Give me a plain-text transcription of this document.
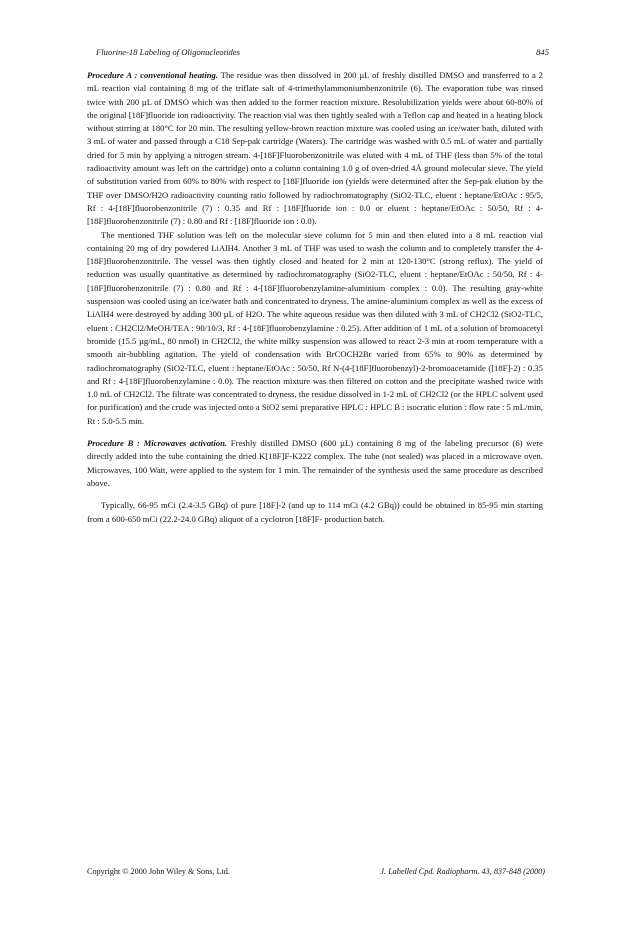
Fluorine-18 Labeling of Oligonucleotides	845

Procedure A : conventional heating. The residue was then dissolved in 200 µL of freshly distilled DMSO and transferred to a 2 mL reaction vial containing 8 mg of the triflate salt of 4-trimethylammoniumbenzonitrile (6). The evaporation tube was rinsed twice with 200 µL of DMSO which was then added to the former reaction mixture. Resolubilization yields were about 60-80% of the original [18F]fluoride ion radioactivity. The reaction vial was then tightly sealed with a Teflon cap and heated in a heating block without stirring at 180°C for 20 min. The resulting yellow-brown reaction mixture was cooled using an ice/water bath, diluted with 3 mL of water and passed through a C18 Sep-pak cartridge (Waters). The cartridge was washed with 0.5 mL of water and partially dried for 5 min by applying a nitrogen stream. 4-[18F]Fluorobenzonitrile was eluted with 4 mL of THF (less than 5% of the total radioactivity amount was left on the cartridge) onto a column containing 1.0 g of oven-dried 4Å ground molecular sieve. The yield of substitution varied from 60% to 80% with respect to [18F]fluoride ion (yields were determined after the Sep-pak elution by the THF over DMSO/H2O radioactivity counting ratio followed by radiochromatography (SiO2-TLC, eluent : heptane/EtOAc : 95/5, Rf : 4-[18F]fluorobenzonitrile (7) : 0.35 and Rf : [18F]fluoride ion : 0.0 or eluent : heptane/EtOAc : 50/50, Rf : 4-[18F]fluorobenzonitrile (7) : 0.80 and Rf : [18F]fluoride ion : 0.0).

The mentioned THF solution was left on the molecular sieve column for 5 min and then eluted into a 8 mL reaction vial containing 20 mg of dry powdered LiAlH4. Another 3 mL of THF was used to wash the column and to completely transfer the 4-[18F]fluorobenzonitrile. The vessel was then tightly closed and heated for 2 min at 120-130°C (strong reflux). The yield of reduction was usually quantitative as determined by radiochromatography (SiO2-TLC, eluent : heptane/EtOAc : 50/50, Rf : 4-[18F]fluorobenzonitrile (7) : 0.80 and Rf : 4-[18F]fluorobenzylamine-aluminium complex : 0.0). The resulting gray-white suspension was cooled using an ice/water bath and concentrated to dryness. The amine-aluminium complex as well as the excess of LiAlH4 were destroyed by adding 300 µL of H2O. The white aqueous residue was then diluted with 3 mL of CH2Cl2 (SiO2-TLC, eluent : CH2Cl2/MeOH/TEA : 90/10/3, Rf : 4-[18F]fluorobenzylamine : 0.25). After addition of 1 mL of a solution of bromoacetyl bromide (15.5 µg/mL, 80 nmol) in CH2Cl2, the white milky suspension was allowed to react 2-3 min at room temperature with a smooth air-bubbling agitation. The yield of condensation with BrCOCH2Br varied from 65% to 90% as determined by radiochromatography (SiO2-TLC, eluent : heptane/EtOAc : 50/50, Rf N-(4-[18F]fluorobenzyl)-2-bromoacetamide ([18F]-2) : 0.35 and Rf : 4-[18F]fluorobenzylamine : 0.0). The reaction mixture was then filtered on cotton and the precipitate washed twice with 1.0 mL of CH2Cl2. The filtrate was concentrated to dryness, the residue dissolved in 1-2 mL of CH2Cl2 (or the HPLC solvent used for purification) and the crude was injected onto a SiO2 semi preparative HPLC : HPLC B : isocratic elution : flow rate : 5 mL/min, Rt : 5.0-5.5 min.

Procedure B : Microwaves activation. Freshly distilled DMSO (600 µL) containing 8 mg of the labeling precursor (6) were directly added into the tube containing the dried K[18F]F-K222 complex. The tube (not sealed) was placed in a microwave oven. Microwaves, 100 Watt, were applied to the system for 1 min. The remainder of the synthesis used the same procedure as described above.

Typically, 66-95 mCi (2.4-3.5 GBq) of pure [18F]-2 (and up to 114 mCi (4.2 GBq)) could be obtained in 85-95 min starting from a 600-650 mCi (22.2-24.0 GBq) aliquot of a cyclotron [18F]F- production batch.

Copyright © 2000 John Wiley & Sons, Ltd.	J. Labelled Cpd. Radiopharm. 43, 837-848 (2000)
